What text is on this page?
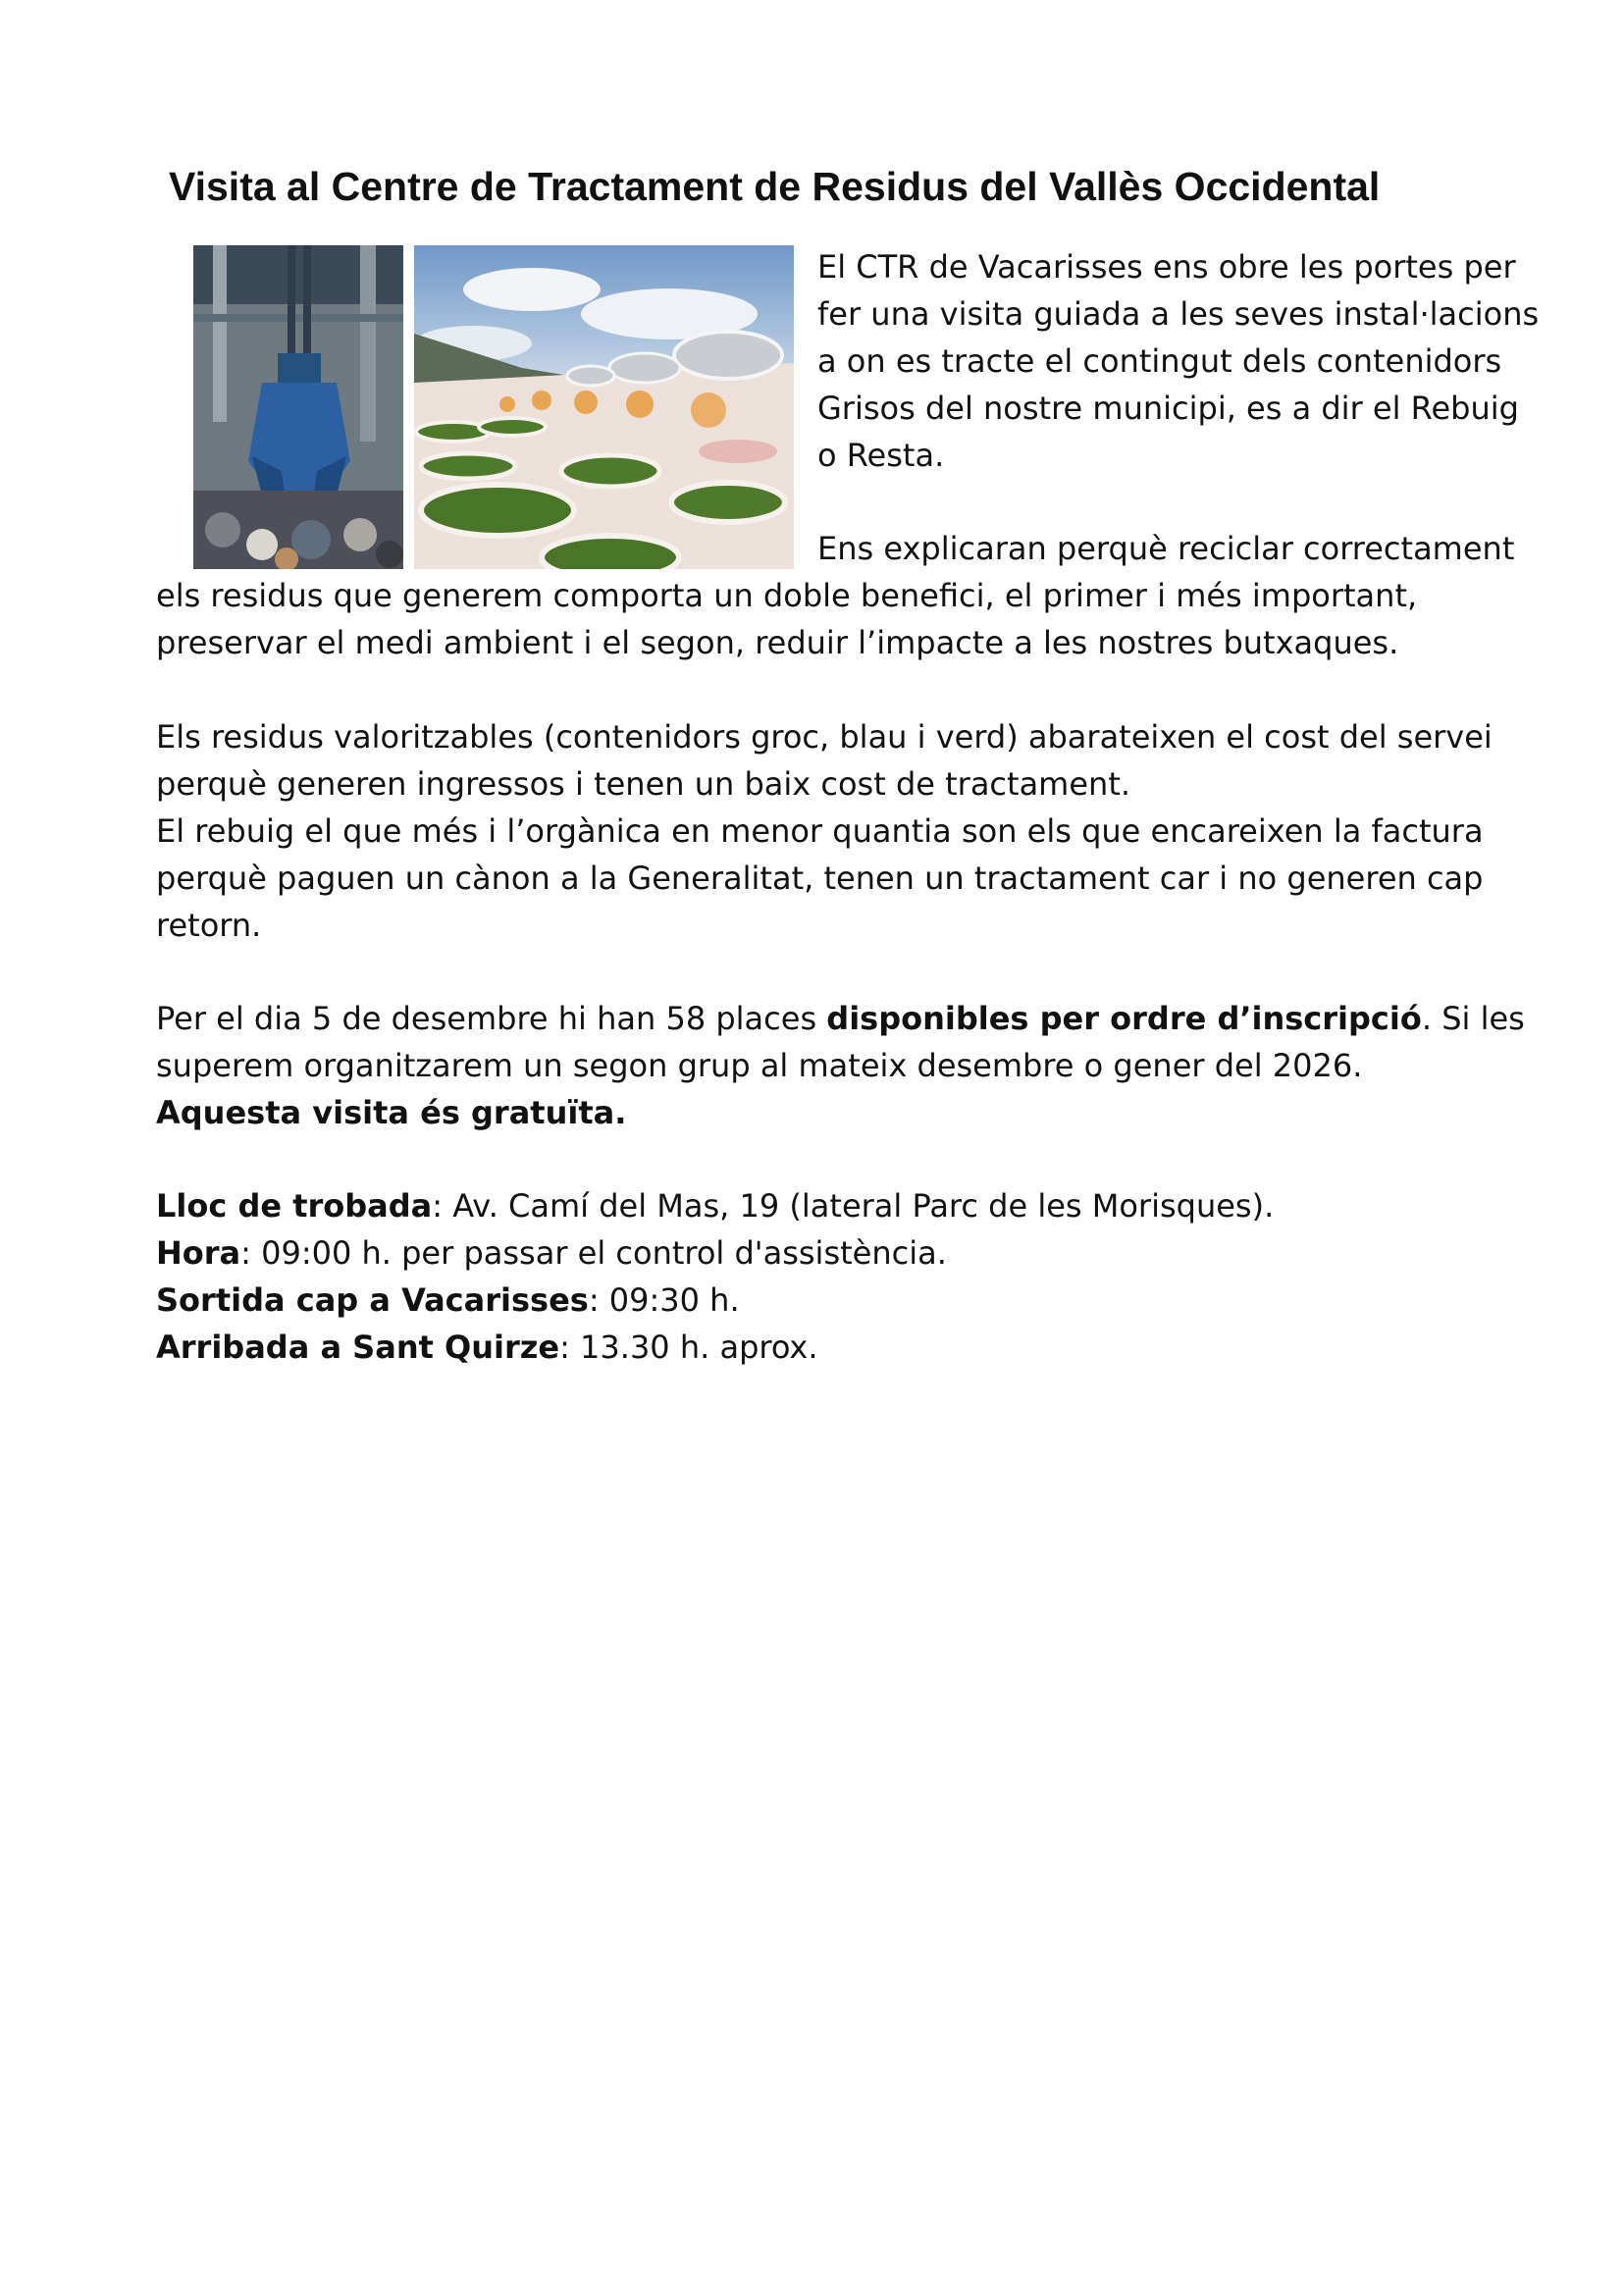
Visita al Centre de Tractament de Residus del Vallès Occidental
El CTR de Vacarisses ens obre les portes per
fer una visita guiada a les seves instal·lacions
a on es tracte el contingut dels contenidors
Grisos del nostre municipi, es a dir el Rebuig
o Resta.
Ens explicaran perquè reciclar correctament
els residus que generem comporta un doble benefici, el primer i més important,
preservar el medi ambient i el segon, reduir l’impacte a les nostres butxaques.
Els residus valoritzables (contenidors groc, blau i verd) abarateixen el cost del servei
perquè generen ingressos i tenen un baix cost de tractament.
El rebuig el que més i l’orgànica en menor quantia son els que encareixen la factura
perquè paguen un cànon a la Generalitat, tenen un tractament car i no generen cap
retorn.
Per el dia 5 de desembre hi han 58 places disponibles per ordre d’inscripció. Si les
superem organitzarem un segon grup al mateix desembre o gener del 2026.
Aquesta visita és gratuïta.
Lloc de trobada: Av. Camí del Mas, 19 (lateral Parc de les Morisques).
Hora: 09:00 h. per passar el control d'assistència.
Sortida cap a Vacarisses: 09:30 h.
Arribada a Sant Quirze: 13.30 h. aprox.
